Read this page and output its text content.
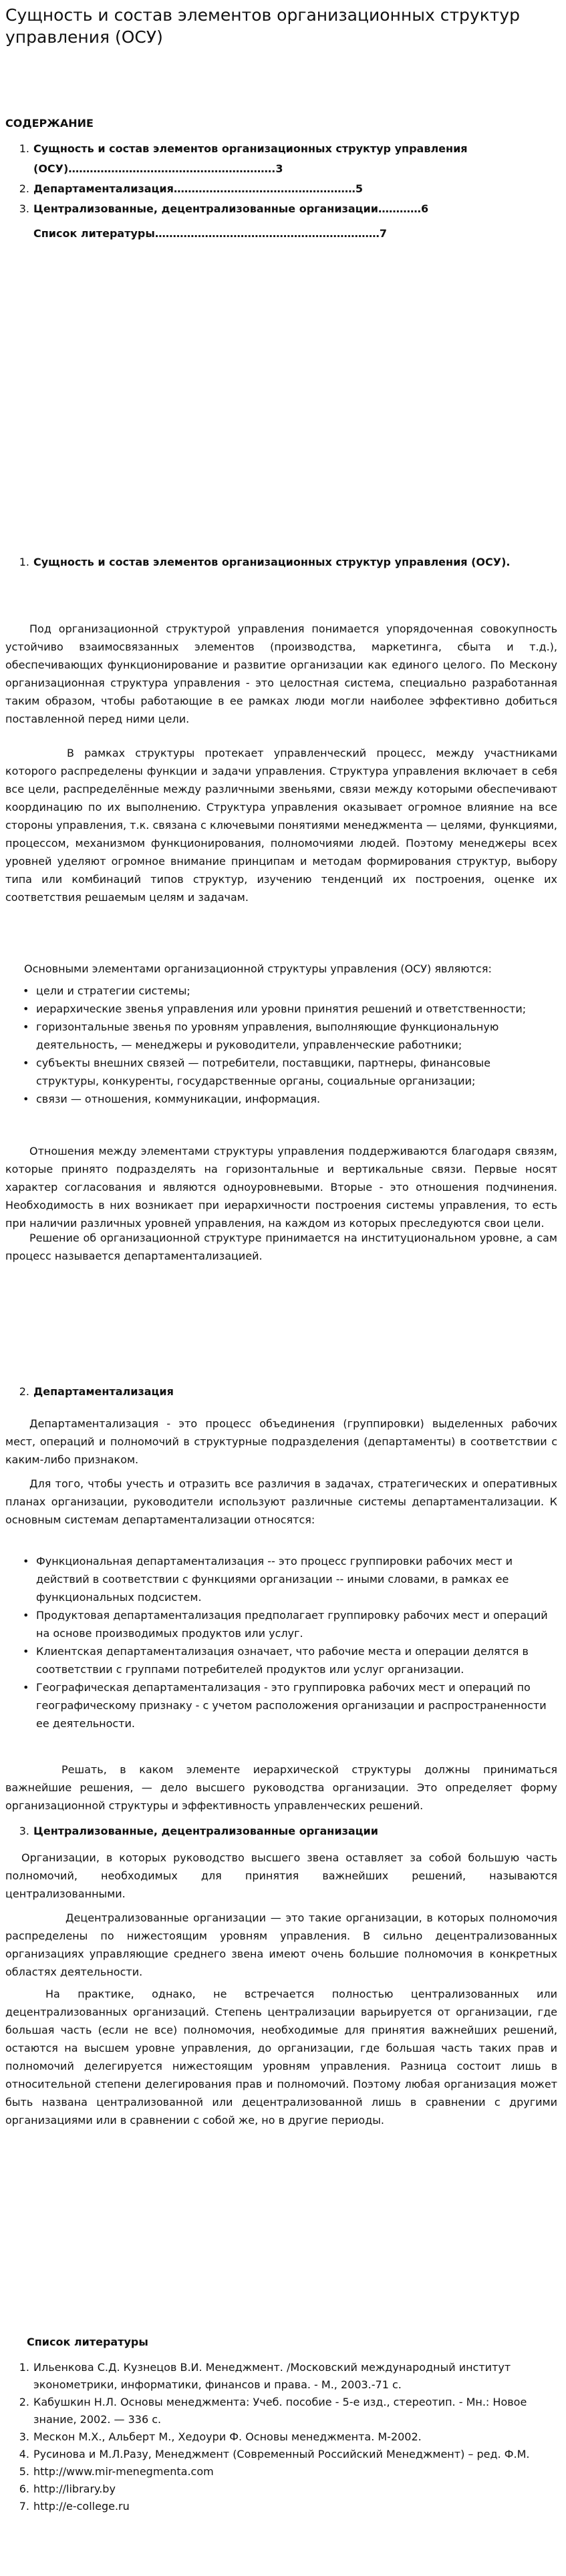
Сущность и состав элементов организационных структур управления (ОСУ)

СОДЕРЖАНИЕ

1. Сущность и состав элементов организационных структур управления (ОСУ)………………………………………………….3
2. Департаментализация……………………………………………5
3. Централизованные, децентрализованные организации…………6

Список литературы………………………………………………………7

1. Сущность и состав элементов организационных структур управления (ОСУ).

Под организационной структурой управления понимается упорядоченная совокупность устойчиво взаимосвязанных элементов (производства, маркетинга, сбыта и т.д.), обеспечивающих функционирование и развитие организации как единого целого. По Мескону организационная структура управления - это целостная система, специально разработанная таким образом, чтобы работающие в ее рамках люди могли наиболее эффективно добиться поставленной перед ними цели.

В рамках структуры протекает управленческий процесс, между участниками которого распределены функции и задачи управления. Структура управления включает в себя все цели, распределённые между различными звеньями, связи между которыми обеспечивают координацию по их выполнению. Структура управления оказывает огромное влияние на все стороны управления, т.к. связана с ключевыми понятиями менеджмента — целями, функциями, процессом, механизмом функционирования, полномочиями людей. Поэтому менеджеры всех уровней уделяют огромное внимание принципам и методам формирования структур, выбору типа или комбинаций типов структур, изучению тенденций их построения, оценке их соответствия решаемым целям и задачам.

Основными элементами организационной структуры управления (ОСУ) являются:

• цели и стратегии системы;
• иерархические звенья управления или уровни принятия решений и ответственности;
• горизонтальные звенья по уровням управления, выполняющие функциональную деятельность, — менеджеры и руководители, управленческие работники;
• субъекты внешних связей — потребители, поставщики, партнеры, финансовые структуры, конкуренты, государственные органы, социальные организации;
• связи — отношения, коммуникации, информация.

Отношения между элементами структуры управления поддерживаются благодаря связям, которые принято подразделять на горизонтальные и вертикальные связи. Первые носят характер согласования и являются одноуровневыми. Вторые - это отношения подчинения. Необходимость в них возникает при иерархичности построения системы управления, то есть при наличии различных уровней управления, на каждом из которых преследуются свои цели.

Решение об организационной структуре принимается на институциональном уровне, а сам процесс называется департаментализацией.

2. Департаментализация

Департаментализация - это процесс объединения (группировки) выделенных рабочих мест, операций и полномочий в структурные подразделения (департаменты) в соответствии с каким-либо признаком.

Для того, чтобы учесть и отразить все различия в задачах, стратегических и оперативных планах организации, руководители используют различные системы департаментализации. К основным системам департаментализации относятся:

• Функциональная департаментализация -- это процесс группировки рабочих мест и действий в соответствии с функциями организации -- иными словами, в рамках ее функциональных подсистем.
• Продуктовая департаментализация предполагает группировку рабочих мест и операций на основе производимых продуктов или услуг.
• Клиентская департаментализация означает, что рабочие места и операции делятся в соответствии с группами потребителей продуктов или услуг организации.
• Географическая департаментализация - это группировка рабочих мест и операций по географическому признаку - с учетом расположения организации и распространенности ее деятельности.

Решать, в каком элементе иерархической структуры должны приниматься важнейшие решения, — дело высшего руководства организации. Это определяет форму организационной структуры и эффективность управленческих решений.

3. Централизованные, децентрализованные организации

Организации, в которых руководство высшего звена оставляет за собой большую часть полномочий, необходимых для принятия важнейших решений, называются централизованными.

Децентрализованные организации — это такие организации, в которых полномочия распределены по нижестоящим уровням управления. В сильно децентрализованных организациях управляющие среднего звена имеют очень большие полномочия в конкретных областях деятельности.

На практике, однако, не встречается полностью централизованных или децентрализованных организаций. Степень централизации варьируется от организации, где большая часть (если не все) полномочия, необходимые для принятия важнейших решений, остаются на высшем уровне управления, до организации, где большая часть таких прав и полномочий делегируется нижестоящим уровням управления. Разница состоит лишь в относительной степени делегирования прав и полномочий. Поэтому любая организация может быть названа централизованной или децентрализованной лишь в сравнении с другими организациями или в сравнении с собой же, но в другие периоды.

Список литературы

1. Ильенкова С.Д. Кузнецов В.И. Менеджмент. /Московский международный институт эконометрики, информатики, финансов и права. - М., 2003.-71 с.
2. Кабушкин Н.Л. Основы менеджмента: Учеб. пособие - 5-е изд., стереотип. - Мн.: Новое знание, 2002. — 336 с.
3. Мескон М.Х., Альберт М., Хедоури Ф. Основы менеджмента. М-2002.
4. Русинова и М.Л.Разу, Менеджмент (Современный Российский Менеджмент) – ред. Ф.М.
5. http://www.mir-menegmenta.com
6. http://library.by
7. http://e-college.ru
